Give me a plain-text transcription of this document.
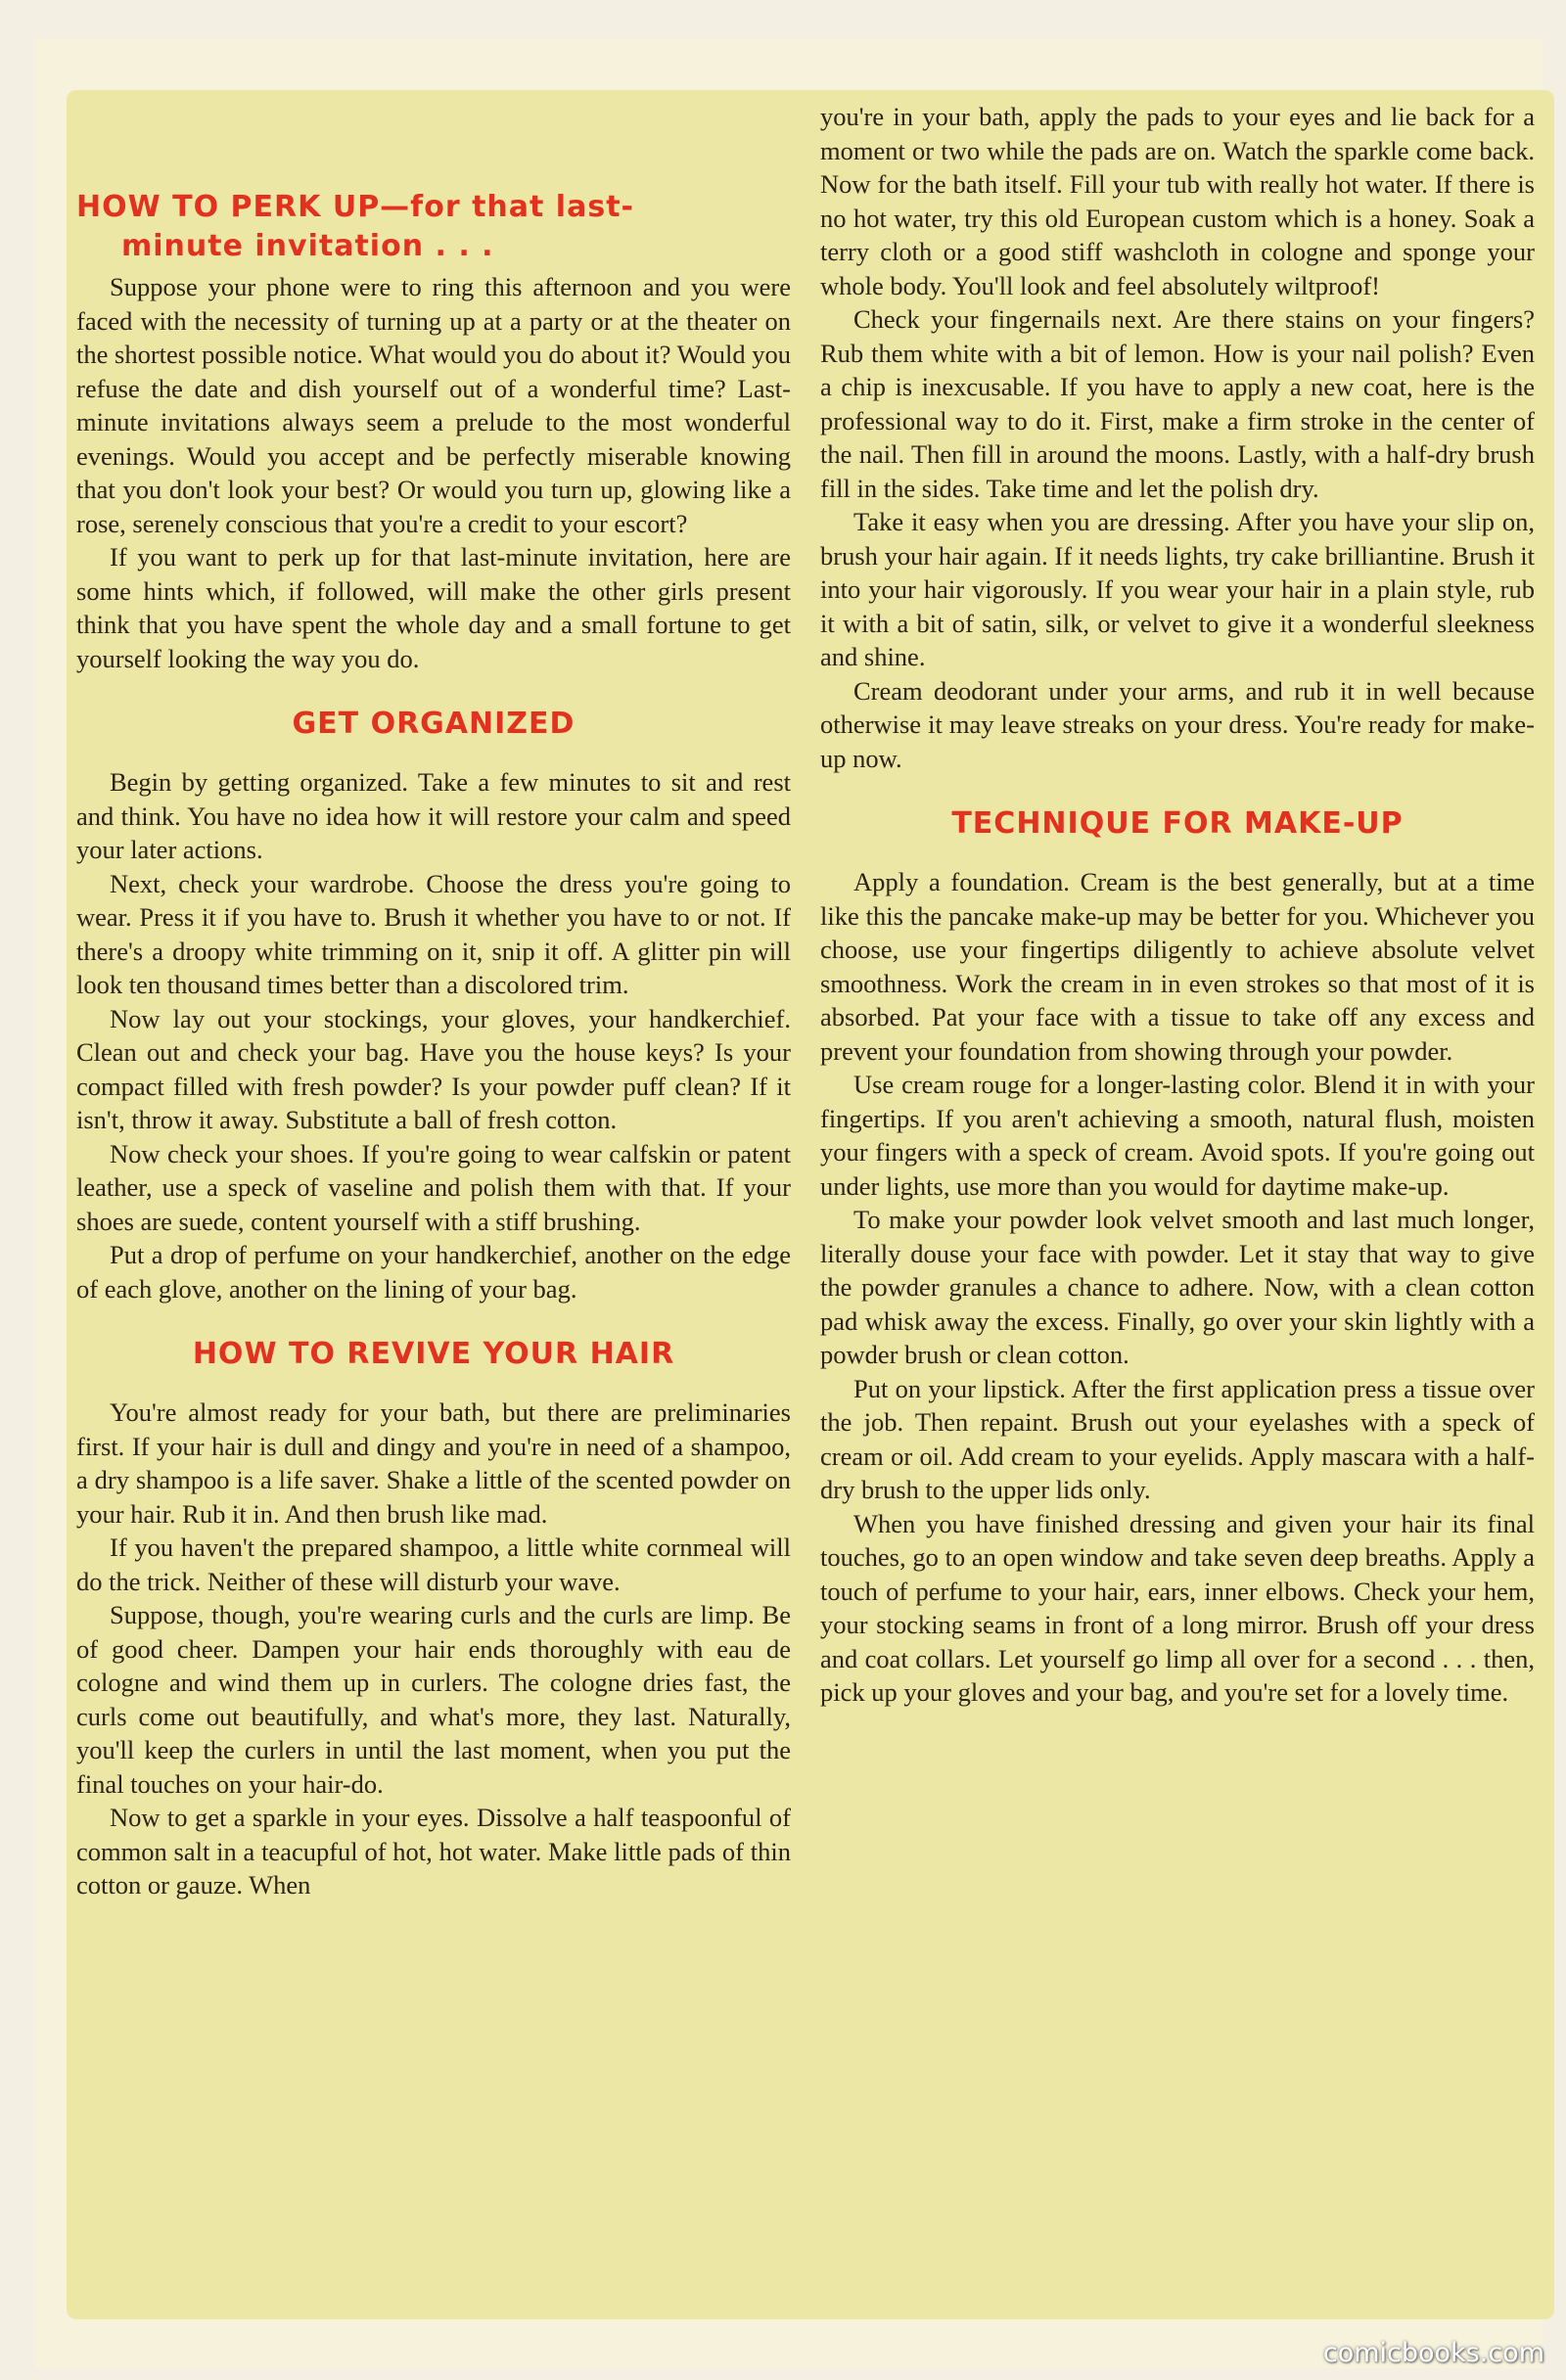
HOW TO PERK UP—for that last-
minute invitation . . .

Suppose your phone were to ring this afternoon and you were faced with the necessity of turning up at a party or at the theater on the shortest possible notice. What would you do about it? Would you refuse the date and dish yourself out of a wonderful time? Last-minute invitations always seem a prelude to the most wonderful evenings. Would you accept and be perfectly miserable knowing that you don't look your best? Or would you turn up, glowing like a rose, serenely conscious that you're a credit to your escort?

If you want to perk up for that last-minute invitation, here are some hints which, if followed, will make the other girls present think that you have spent the whole day and a small fortune to get yourself looking the way you do.

GET ORGANIZED

Begin by getting organized. Take a few minutes to sit and rest and think. You have no idea how it will restore your calm and speed your later actions.

Next, check your wardrobe. Choose the dress you're going to wear. Press it if you have to. Brush it whether you have to or not. If there's a droopy white trimming on it, snip it off. A glitter pin will look ten thousand times better than a discolored trim.

Now lay out your stockings, your gloves, your handkerchief. Clean out and check your bag. Have you the house keys? Is your compact filled with fresh powder? Is your powder puff clean? If it isn't, throw it away. Substitute a ball of fresh cotton.

Now check your shoes. If you're going to wear calfskin or patent leather, use a speck of vaseline and polish them with that. If your shoes are suede, content yourself with a stiff brushing.

Put a drop of perfume on your handkerchief, another on the edge of each glove, another on the lining of your bag.

HOW TO REVIVE YOUR HAIR

You're almost ready for your bath, but there are preliminaries first. If your hair is dull and dingy and you're in need of a shampoo, a dry shampoo is a life saver. Shake a little of the scented powder on your hair. Rub it in. And then brush like mad.

If you haven't the prepared shampoo, a little white cornmeal will do the trick. Neither of these will disturb your wave.

Suppose, though, you're wearing curls and the curls are limp. Be of good cheer. Dampen your hair ends thoroughly with eau de cologne and wind them up in curlers. The cologne dries fast, the curls come out beautifully, and what's more, they last. Naturally, you'll keep the curlers in until the last moment, when you put the final touches on your hair-do.

Now to get a sparkle in your eyes. Dissolve a half teaspoonful of common salt in a teacupful of hot, hot water. Make little pads of thin cotton or gauze. When

you're in your bath, apply the pads to your eyes and lie back for a moment or two while the pads are on. Watch the sparkle come back. Now for the bath itself. Fill your tub with really hot water. If there is no hot water, try this old European custom which is a honey. Soak a terry cloth or a good stiff washcloth in cologne and sponge your whole body. You'll look and feel absolutely wiltproof!

Check your fingernails next. Are there stains on your fingers? Rub them white with a bit of lemon. How is your nail polish? Even a chip is inexcusable. If you have to apply a new coat, here is the professional way to do it. First, make a firm stroke in the center of the nail. Then fill in around the moons. Lastly, with a half-dry brush fill in the sides. Take time and let the polish dry.

Take it easy when you are dressing. After you have your slip on, brush your hair again. If it needs lights, try cake brilliantine. Brush it into your hair vigorously. If you wear your hair in a plain style, rub it with a bit of satin, silk, or velvet to give it a wonderful sleekness and shine.

Cream deodorant under your arms, and rub it in well because otherwise it may leave streaks on your dress. You're ready for make-up now.

TECHNIQUE FOR MAKE-UP

Apply a foundation. Cream is the best generally, but at a time like this the pancake make-up may be better for you. Whichever you choose, use your fingertips diligently to achieve absolute velvet smoothness. Work the cream in in even strokes so that most of it is absorbed. Pat your face with a tissue to take off any excess and prevent your foundation from showing through your powder.

Use cream rouge for a longer-lasting color. Blend it in with your fingertips. If you aren't achieving a smooth, natural flush, moisten your fingers with a speck of cream. Avoid spots. If you're going out under lights, use more than you would for daytime make-up.

To make your powder look velvet smooth and last much longer, literally douse your face with powder. Let it stay that way to give the powder granules a chance to adhere. Now, with a clean cotton pad whisk away the excess. Finally, go over your skin lightly with a powder brush or clean cotton.

Put on your lipstick. After the first application press a tissue over the job. Then repaint. Brush out your eyelashes with a speck of cream or oil. Add cream to your eyelids. Apply mascara with a half-dry brush to the upper lids only.

When you have finished dressing and given your hair its final touches, go to an open window and take seven deep breaths. Apply a touch of perfume to your hair, ears, inner elbows. Check your hem, your stocking seams in front of a long mirror. Brush off your dress and coat collars. Let yourself go limp all over for a second . . . then, pick up your gloves and your bag, and you're set for a lovely time.

comicbooks.com
